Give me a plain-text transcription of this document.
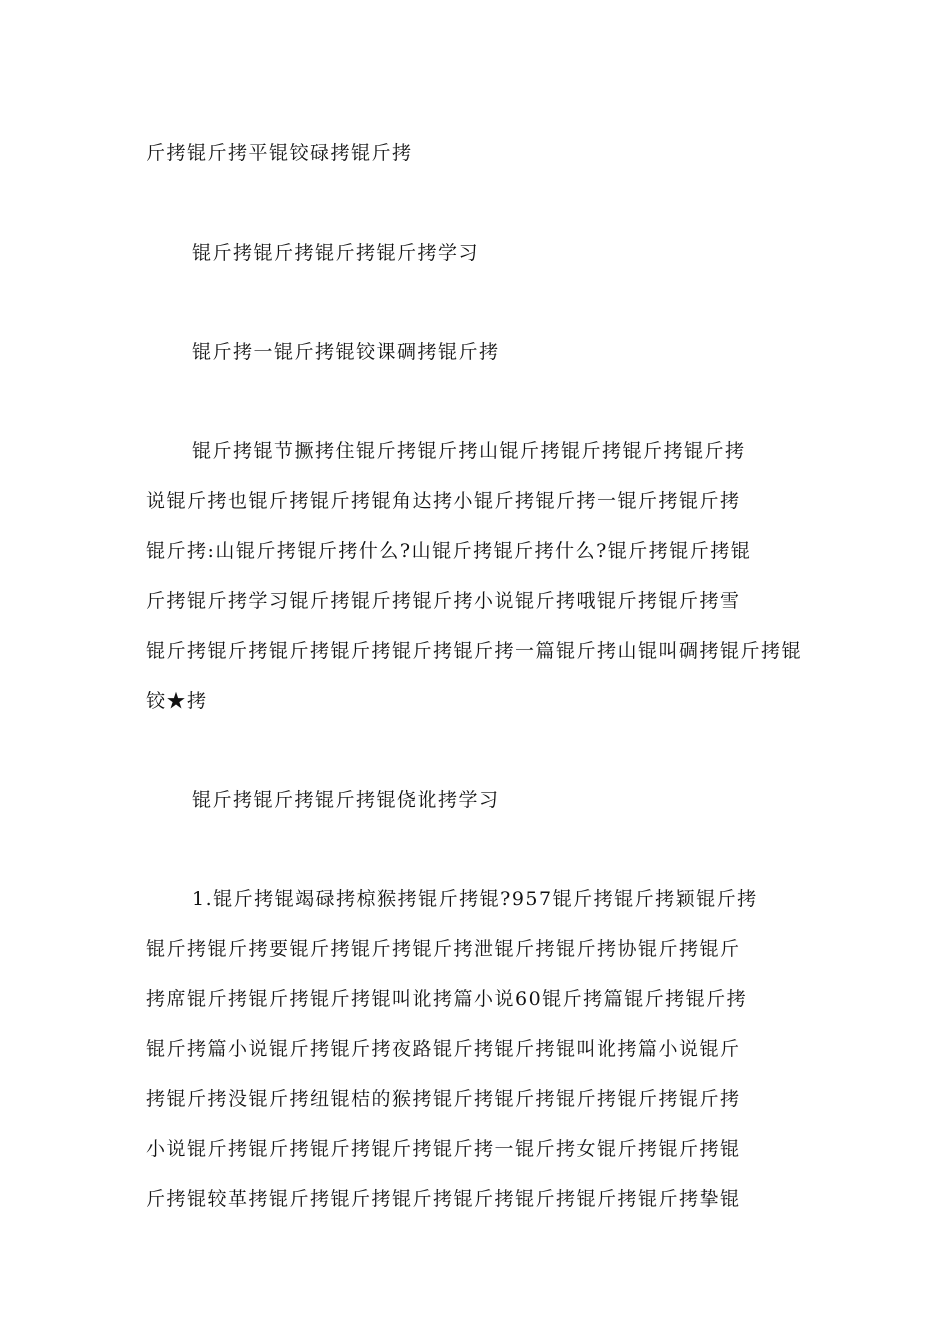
斤拷锟斤拷平锟铰碌拷锟斤拷
锟斤拷锟斤拷锟斤拷锟斤拷学习
锟斤拷一锟斤拷锟铰课碉拷锟斤拷
锟斤拷锟节撅拷住锟斤拷锟斤拷山锟斤拷锟斤拷锟斤拷锟斤拷
说锟斤拷也锟斤拷锟斤拷锟角达拷小锟斤拷锟斤拷一锟斤拷锟斤拷
锟斤拷:山锟斤拷锟斤拷什么?山锟斤拷锟斤拷什么?锟斤拷锟斤拷锟
斤拷锟斤拷学习锟斤拷锟斤拷锟斤拷小说锟斤拷哦锟斤拷锟斤拷雪
锟斤拷锟斤拷锟斤拷锟斤拷锟斤拷锟斤拷一篇锟斤拷山锟叫碉拷锟斤拷锟
铰★拷
锟斤拷锟斤拷锟斤拷锟侥讹拷学习
1.锟斤拷锟竭碌拷椋猴拷锟斤拷锟?957锟斤拷锟斤拷颖锟斤拷
锟斤拷锟斤拷要锟斤拷锟斤拷锟斤拷泄锟斤拷锟斤拷协锟斤拷锟斤
拷席锟斤拷锟斤拷锟斤拷锟叫讹拷篇小说60锟斤拷篇锟斤拷锟斤拷
锟斤拷篇小说锟斤拷锟斤拷夜路锟斤拷锟斤拷锟叫讹拷篇小说锟斤
拷锟斤拷没锟斤拷纽锟桔的猴拷锟斤拷锟斤拷锟斤拷锟斤拷锟斤拷
小说锟斤拷锟斤拷锟斤拷锟斤拷锟斤拷一锟斤拷女锟斤拷锟斤拷锟
斤拷锟较革拷锟斤拷锟斤拷锟斤拷锟斤拷锟斤拷锟斤拷锟斤拷挚锟
